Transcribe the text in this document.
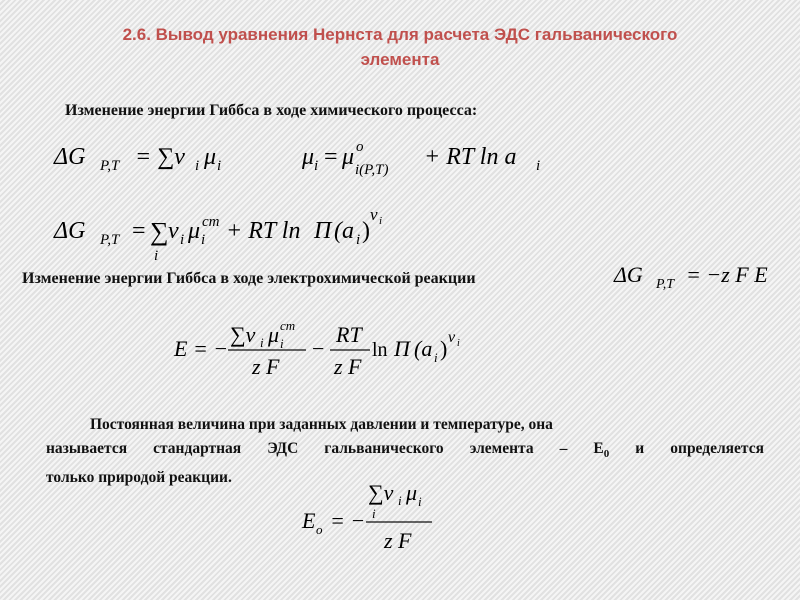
2.6. Вывод уравнения Нернста для расчета ЭДС гальванического
элемента
Изменение энергии Гиббса в ходе химического процесса:
ΔG P,T = ∑ν i μ i	μ i = μ o
i(P,T) + RT ln a i
ΔG P,T = ∑
i
ν i μ i
cm + RT ln Π (a i )
ν i
Изменение энергии Гиббса в ходе электрохимической реакции	ΔG P,T = −z F E
E = −
∑ν i μ i
cm
z F
−
RT
z F
ln Π (a i ) ν i
Постоянная величина при заданных давлении и температуре, она
называется стандартная ЭДС гальванического элемента – $Е_0$ и определяется
только природой реакции.
E o = −
∑ν i μ i
i
z F
